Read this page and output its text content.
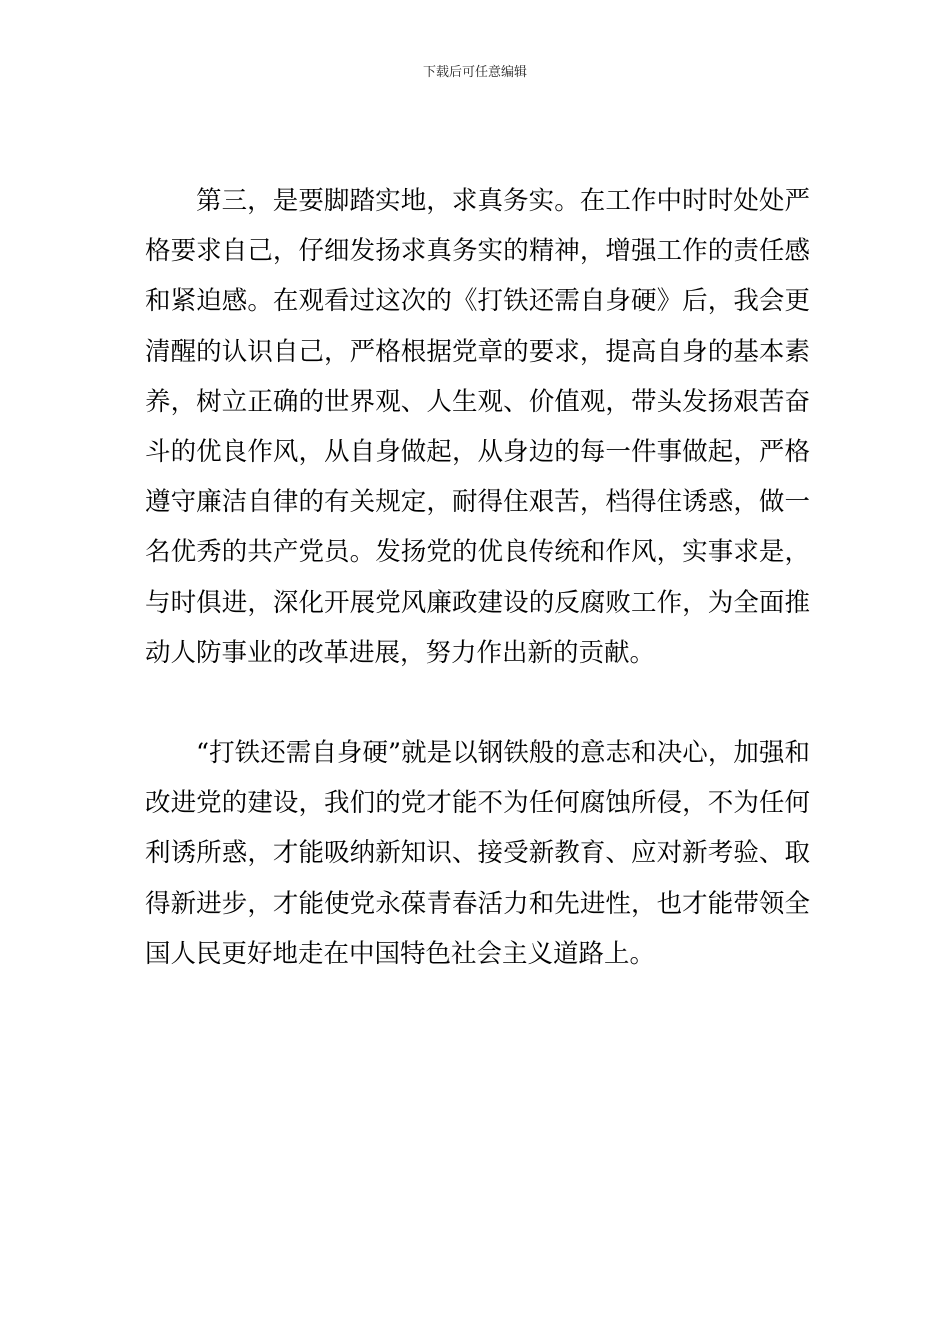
下载后可任意编辑

第三，是要脚踏实地，求真务实。在工作中时时处处严格要求自己，仔细发扬求真务实的精神，增强工作的责任感和紧迫感。在观看过这次的《打铁还需自身硬》后，我会更清醒的认识自己，严格根据党章的要求，提高自身的基本素养，树立正确的世界观、人生观、价值观，带头发扬艰苦奋斗的优良作风，从自身做起，从身边的每一件事做起，严格遵守廉洁自律的有关规定，耐得住艰苦，档得住诱惑，做一名优秀的共产党员。发扬党的优良传统和作风，实事求是，与时俱进，深化开展党风廉政建设的反腐败工作，为全面推动人防事业的改革进展，努力作出新的贡献。

“打铁还需自身硬”就是以钢铁般的意志和决心，加强和改进党的建设，我们的党才能不为任何腐蚀所侵，不为任何利诱所惑，才能吸纳新知识、接受新教育、应对新考验、取得新进步，才能使党永葆青春活力和先进性，也才能带领全国人民更好地走在中国特色社会主义道路上。
